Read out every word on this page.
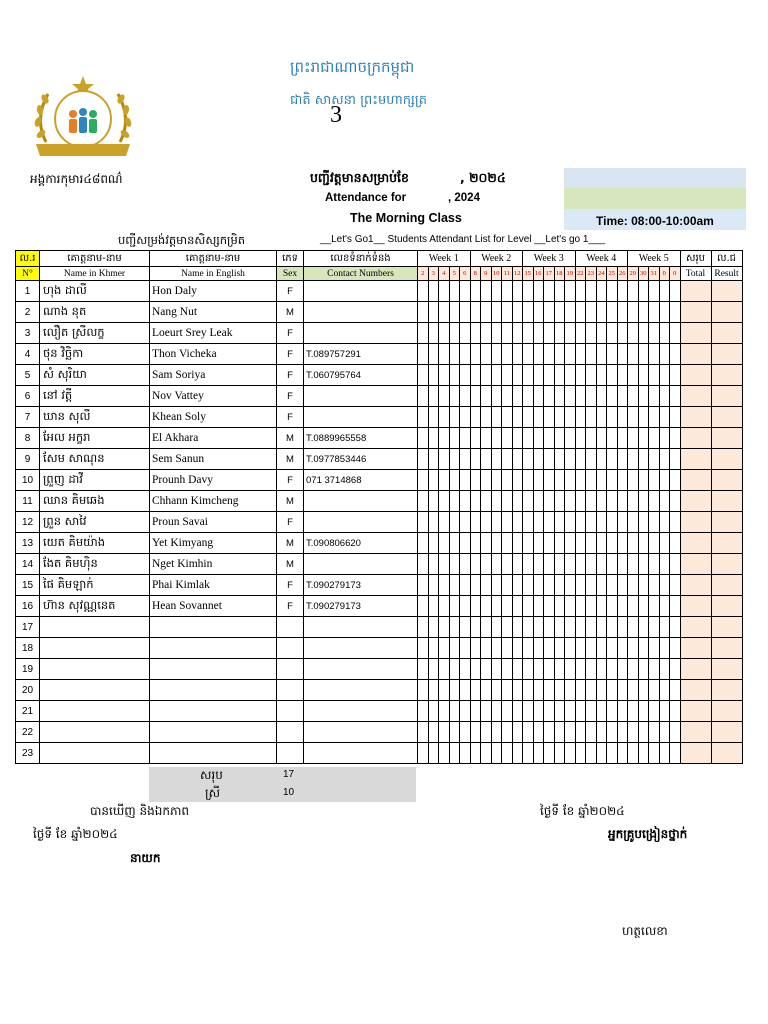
ព្រះរាជាណាចក្រកម្ពុជា
ជាតិ សាសនា ព្រះមហាក្សត្រ
3
អង្គការកុមារ៤៨ពណ៌	បញ្ជីវត្តមានសម្រាប់ខែ	, ២០២៤
Attendance for	, 2024
The Morning Class	Time: 08:00-10:00am
បញ្ជីសម្រង់វត្តមានសិស្សកម្រិត	__Let's Go1__ Students Attendant List for Level __Let's go 1___
ល.រ	គោត្តនាម-នាម	គោត្តនាម-នាម	ភេទ	លេខទំនាក់ទំនង	Week 1					Week 2					Week 3					Week 4					Week 5					សរុប	ល.ជ
N°	Name in Khmer	Name in English	Sex	Contact Numbers	2	3	4	5	6	8	9	10	11	12	15	16	17	18	19	22	23	24	25	26	29	30	31	0	0	Total	Result
1	ហុង ដាលី	Hon Daly	F																												
2	ណាង នុត	Nang Nut	M																												
3	លឿត ស្រីលក្ខ	Loeurt Srey Leak	F																												
4	ថុន វិច្ឆិកា	Thon Vicheka	F	T.089757291																											
5	សំ សុរិយា	Sam Soriya	F	T.060795764																											
6	នៅ វត្តី	Nov Vattey	F																												
7	ឃាន សុលី	Khean Soly	F																												
8	អែល អក្ខរា	El Akhara	M	T.0889965558																											
9	សែម សាណុន	Sem Sanun	M	T.0977853446																											
10	ព្រួញ ដាវី	Prounh Davy	F	071 3714868																											
11	ឈាន គិមឆេង	Chhann Kimcheng	M																												
12	ព្រួន សាវៃ	Proun Savai	F																												
13	យេត គិមយ៉ាង	Yet Kimyang	M	T.090806620																											
14	ងែត គិមហ៊ិន	Nget Kimhin	M																												
15	ផៃ គិមឡាក់	Phai Kimlak	F	T.090279173																											
16	ហ៊ាន សុវណ្ណនេត	Hean Sovannet	F	T.090279173																											
17																															
18																															
19																															
20																															
21																															
22																															
23																															
សរុប	17
ស្រី	10
បានឃើញ និងឯកភាព
ថ្ងៃទី ខែ ឆ្នាំ២០២៤
នាយក
ថ្ងៃទី ខែ ឆ្នាំ២០២៤
អ្នកគ្រូបង្រៀនថ្នាក់
ហត្ថលេខា
